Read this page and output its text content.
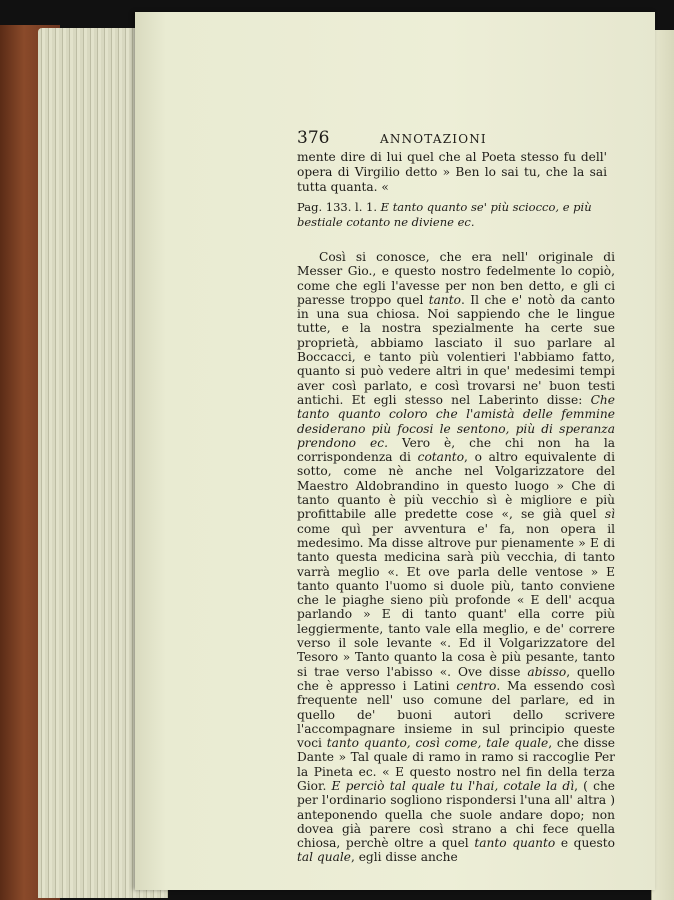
376	ANNOTAZIONI
mente dire di lui quel che al Poeta stesso fu dell' opera di Virgilio detto » Ben lo sai tu, che la sai tutta quanta. «
Pag. 133. l. 1. E tanto quanto se' più sciocco, e più bestiale cotanto ne diviene ec.
Così si conosce, che era nell' originale di Messer Gio., e questo nostro fedelmente lo copiò, come che egli l'avesse per non ben detto, e gli ci paresse troppo quel tanto. Il che e' notò da canto in una sua chiosa. Noi sappiendo che le lingue tutte, e la nostra spezialmente ha certe sue proprietà, abbiamo lasciato il suo parlare al Boccacci, e tanto più volentieri l'abbiamo fatto, quanto si può vedere altri in que' medesimi tempi aver così parlato, e così trovarsi ne' buon testi antichi. Et egli stesso nel Laberinto disse: Che tanto quanto coloro che l'amistà delle femmine desiderano più focosi le sentono, più di speranza prendono ec. Vero è, che chi non ha la corrispondenza di cotanto, o altro equivalente di sotto, come nè anche nel Volgarizzatore del Maestro Aldobrandino in questo luogo » Che di tanto quanto è più vecchio sì è migliore e più profittabile alle predette cose «, se già quel sì come quì per avventura e' fa, non opera il medesimo. Ma disse altrove pur pienamente » E di tanto questa medicina sarà più vecchia, di tanto varrà meglio «. Et ove parla delle ventose » E tanto quanto l'uomo si duole più, tanto conviene che le piaghe sieno più profonde « E dell' acqua parlando » E di tanto quant' ella corre più leggiermente, tanto vale ella meglio, e de' correre verso il sole levante «. Ed il Volgarizzatore del Tesoro » Tanto quanto la cosa è più pesante, tanto si trae verso l'abisso «. Ove disse abisso, quello che è appresso i Latini centro. Ma essendo così frequente nell' uso comune del parlare, ed in quello de' buoni autori dello scrivere l'accompagnare insieme in sul principio queste voci tanto quanto, così come, tale quale, che disse Dante » Tal quale di ramo in ramo si raccoglie Per la Pineta ec. « E questo nostro nel fin della terza Gior. E perciò tal quale tu l'hai, cotale la dì, ( che per l'ordinario sogliono rispondersi l'una all' altra ) anteponendo quella che suole andare dopo; non dovea già parere così strano a chi fece quella chiosa, perchè oltre a quel tanto quanto e questo tal quale, egli disse anche
